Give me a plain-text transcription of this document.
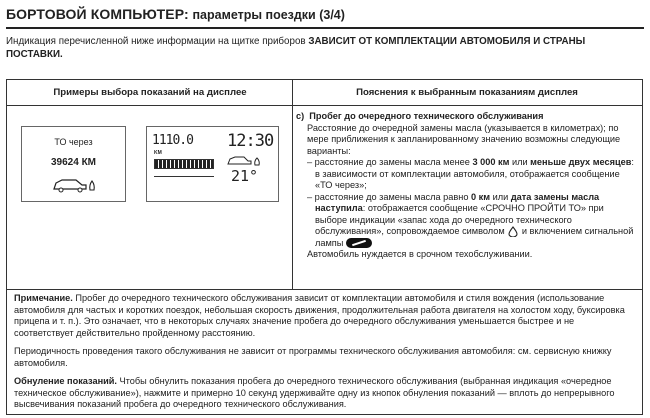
БОРТОВОЙ КОМПЬЮТЕР: параметры поездки (3/4)
Индикация перечисленной ниже информации на щитке приборов ЗАВИСИТ ОТ КОМПЛЕКТАЦИИ АВТОМОБИЛЯ И СТРАНЫ ПОСТАВКИ.
Примеры выбора показаний на дисплее	Пояснения к выбранным показаниям дисплея
ТО через
39624 КМ
1110.0
KM
12:30
21°
c) Пробег до очередного технического обслуживания
Расстояние до очередной замены масла (указывается в километрах); по мере приближения к запланированному значению возможны следующие варианты:

– расстояние до замены масла менее 3 000 км или меньше двух месяцев: в зависимости от комплектации автомобиля, отображается сообщение «ТО через»;

– расстояние до замены масла равно 0 км или дата замены масла наступила: отображается сообщение «СРОЧНО ПРОЙТИ ТО» при выборе индикации «запас хода до очередного технического обслуживания», сопровождаемое символом  и включением сигнальной лампы

Автомобиль нуждается в срочном техобслуживании.

Примечание. Пробег до очередного технического обслуживания зависит от комплектации автомобиля и стиля вождения (использование автомобиля для частых и коротких поездок, небольшая скорость движения, продолжительная работа двигателя на холостом ходу, буксировка прицепа и т. п.). Это означает, что в некоторых случаях значение пробега до очередного обслуживания уменьшается быстрее и не соответствует действительно пройденному расстоянию.

Периодичность проведения такого обслуживания не зависит от программы технического обслуживания автомобиля: см. сервисную книжку автомобиля.

Обнуление показаний. Чтобы обнулить показания пробега до очередного технического обслуживания (выбранная индикация «очередное техническое обслуживание»), нажмите и примерно 10 секунд удерживайте одну из кнопок обнуления показаний — вплоть до непрерывного высвечивания показаний пробега до очередного технического обслуживания.
